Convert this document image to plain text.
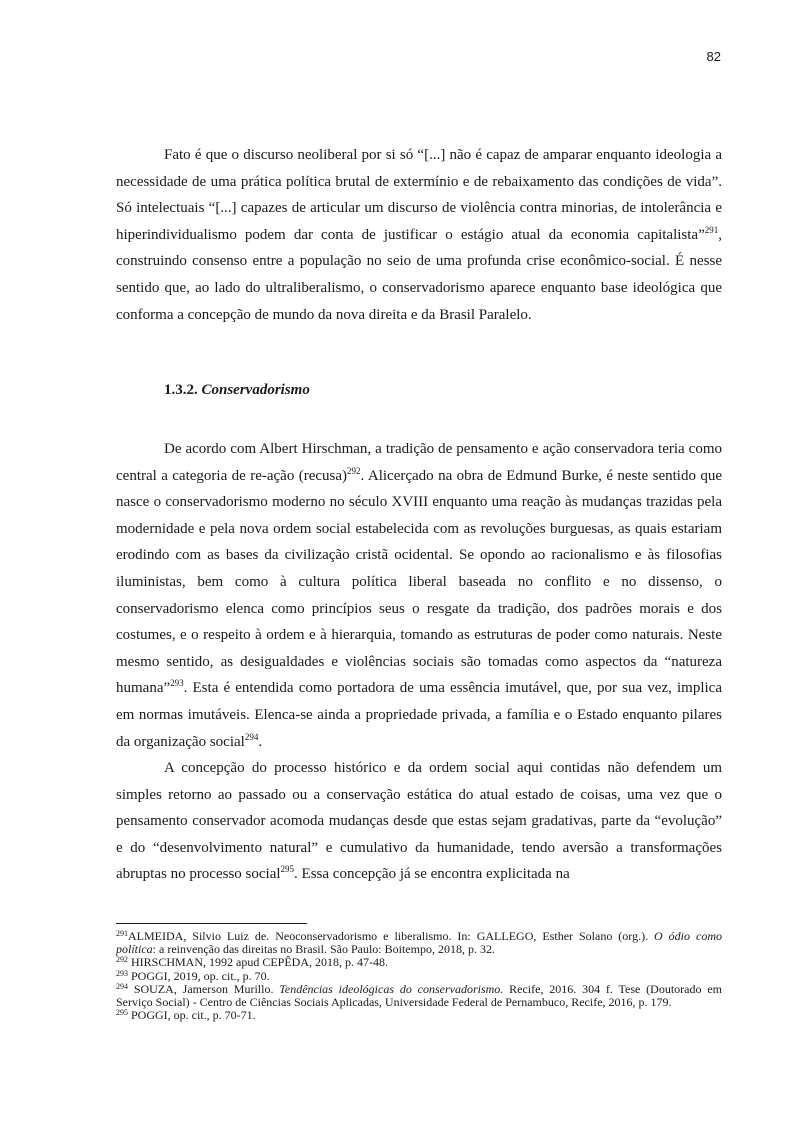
82

Fato é que o discurso neoliberal por si só “[...] não é capaz de amparar enquanto ideologia a necessidade de uma prática política brutal de extermínio e de rebaixamento das condições de vida”. Só intelectuais “[...] capazes de articular um discurso de violência contra minorias, de intolerância e hiperindividualismo podem dar conta de justificar o estágio atual da economia capitalista”$^{291}$, construindo consenso entre a população no seio de uma profunda crise econômico-social. É nesse sentido que, ao lado do ultraliberalismo, o conservadorismo aparece enquanto base ideológica que conforma a concepção de mundo da nova direita e da Brasil Paralelo.

1.3.2. Conservadorismo

De acordo com Albert Hirschman, a tradição de pensamento e ação conservadora teria como central a categoria de re-ação (recusa)$^{292}$. Alicerçado na obra de Edmund Burke, é neste sentido que nasce o conservadorismo moderno no século XVIII enquanto uma reação às mudanças trazidas pela modernidade e pela nova ordem social estabelecida com as revoluções burguesas, as quais estariam erodindo com as bases da civilização cristã ocidental. Se opondo ao racionalismo e às filosofias iluministas, bem como à cultura política liberal baseada no conflito e no dissenso, o conservadorismo elenca como princípios seus o resgate da tradição, dos padrões morais e dos costumes, e o respeito à ordem e à hierarquia, tomando as estruturas de poder como naturais. Neste mesmo sentido, as desigualdades e violências sociais são tomadas como aspectos da “natureza humana”$^{293}$. Esta é entendida como portadora de uma essência imutável, que, por sua vez, implica em normas imutáveis. Elenca-se ainda a propriedade privada, a família e o Estado enquanto pilares da organização social$^{294}$.

A concepção do processo histórico e da ordem social aqui contidas não defendem um simples retorno ao passado ou a conservação estática do atual estado de coisas, uma vez que o pensamento conservador acomoda mudanças desde que estas sejam gradativas, parte da “evolução” e do “desenvolvimento natural” e cumulativo da humanidade, tendo aversão a transformações abruptas no processo social$^{295}$. Essa concepção já se encontra explicitada na

$^{291}$ALMEIDA, Silvio Luiz de. Neoconservadorismo e liberalismo. In: GALLEGO, Esther Solano (org.). O ódio como política: a reinvenção das direitas no Brasil. São Paulo: Boitempo, 2018, p. 32.

$^{292}$ HIRSCHMAN, 1992 apud CEPÊDA, 2018, p. 47-48.

$^{293}$ POGGI, 2019, op. cit., p. 70.

$^{294}$ SOUZA, Jamerson Murillo. Tendências ideológicas do conservadorismo. Recife, 2016. 304 f. Tese (Doutorado em Serviço Social) - Centro de Ciências Sociais Aplicadas, Universidade Federal de Pernambuco, Recife, 2016, p. 179.

$^{295}$ POGGI, op. cit., p. 70-71.
